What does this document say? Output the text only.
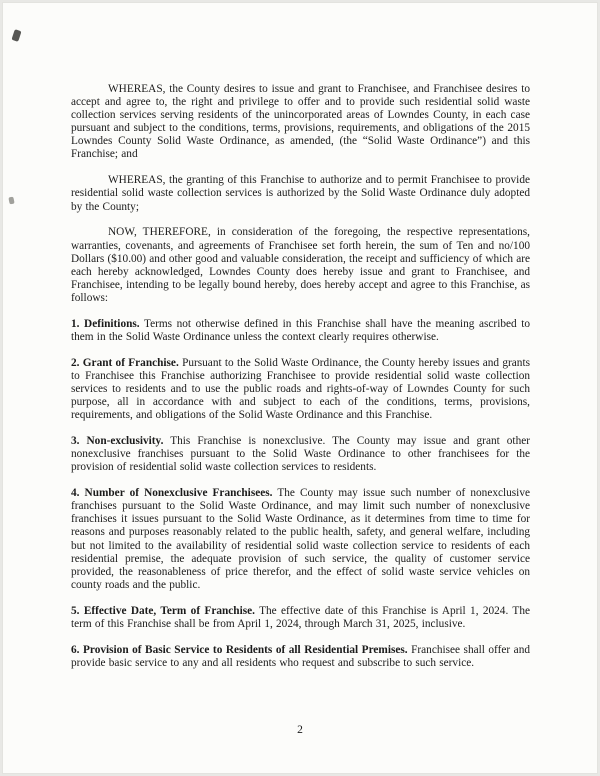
WHEREAS, the County desires to issue and grant to Franchisee, and Franchisee desires to accept and agree to, the right and privilege to offer and to provide such residential solid waste collection services serving residents of the unincorporated areas of Lowndes County, in each case pursuant and subject to the conditions, terms, provisions, requirements, and obligations of the 2015 Lowndes County Solid Waste Ordinance, as amended, (the “Solid Waste Ordinance”) and this Franchise; and

WHEREAS, the granting of this Franchise to authorize and to permit Franchisee to provide residential solid waste collection services is authorized by the Solid Waste Ordinance duly adopted by the County;

NOW, THEREFORE, in consideration of the foregoing, the respective representations, warranties, covenants, and agreements of Franchisee set forth herein, the sum of Ten and no/100 Dollars ($10.00) and other good and valuable consideration, the receipt and sufficiency of which are each hereby acknowledged, Lowndes County does hereby issue and grant to Franchisee, and Franchisee, intending to be legally bound hereby, does hereby accept and agree to this Franchise, as follows:

1. Definitions. Terms not otherwise defined in this Franchise shall have the meaning ascribed to them in the Solid Waste Ordinance unless the context clearly requires otherwise.

2. Grant of Franchise. Pursuant to the Solid Waste Ordinance, the County hereby issues and grants to Franchisee this Franchise authorizing Franchisee to provide residential solid waste collection services to residents and to use the public roads and rights-of-way of Lowndes County for such purpose, all in accordance with and subject to each of the conditions, terms, provisions, requirements, and obligations of the Solid Waste Ordinance and this Franchise.

3. Non-exclusivity. This Franchise is nonexclusive. The County may issue and grant other nonexclusive franchises pursuant to the Solid Waste Ordinance to other franchisees for the provision of residential solid waste collection services to residents.

4. Number of Nonexclusive Franchisees. The County may issue such number of nonexclusive franchises pursuant to the Solid Waste Ordinance, and may limit such number of nonexclusive franchises it issues pursuant to the Solid Waste Ordinance, as it determines from time to time for reasons and purposes reasonably related to the public health, safety, and general welfare, including but not limited to the availability of residential solid waste collection service to residents of each residential premise, the adequate provision of such service, the quality of customer service provided, the reasonableness of price therefor, and the effect of solid waste service vehicles on county roads and the public.

5. Effective Date, Term of Franchise. The effective date of this Franchise is April 1, 2024. The term of this Franchise shall be from April 1, 2024, through March 31, 2025, inclusive.

6. Provision of Basic Service to Residents of all Residential Premises. Franchisee shall offer and provide basic service to any and all residents who request and subscribe to such service.

2
